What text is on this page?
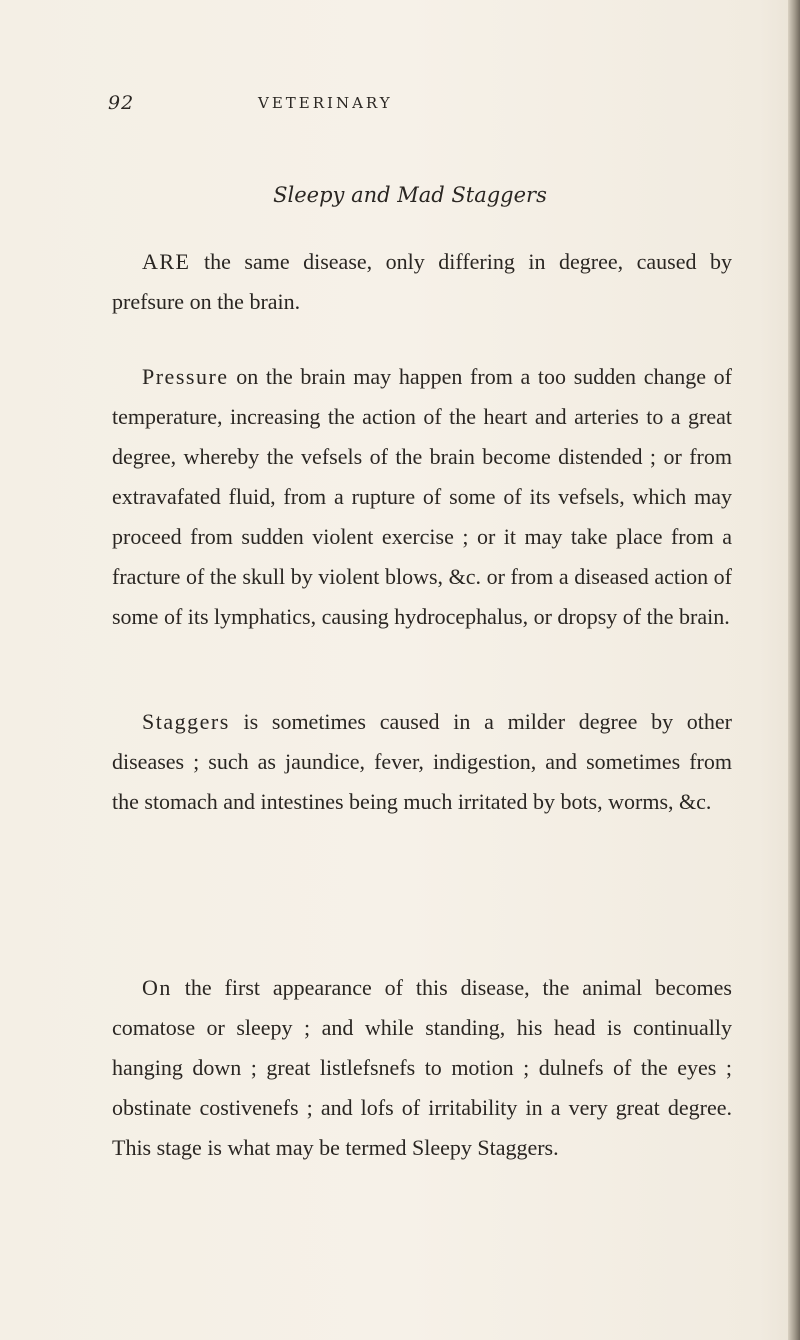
92	VETERINARY
Sleepy and Mad Staggers

ARE the same disease, only differing in degree, caused by prefsure on the brain.

Pressure on the brain may happen from a too sudden change of temperature, increasing the action of the heart and arteries to a great degree, whereby the vefsels of the brain become distended ; or from extravafated fluid, from a rupture of some of its vefsels, which may proceed from sudden violent exercise ; or it may take place from a fracture of the skull by violent blows, &c. or from a diseased action of some of its lymphatics, causing hydrocephalus, or dropsy of the brain.

Staggers is sometimes caused in a milder degree by other diseases ; such as jaundice, fever, indigestion, and sometimes from the stomach and intestines being much irritated by bots, worms, &c.

On the first appearance of this disease, the animal becomes comatose or sleepy ; and while standing, his head is continually hanging down ; great listlefsnefs to motion ; dulnefs of the eyes ; obstinate costivenefs ; and lofs of irritability in a very great degree. This stage is what may be termed Sleepy Staggers.
